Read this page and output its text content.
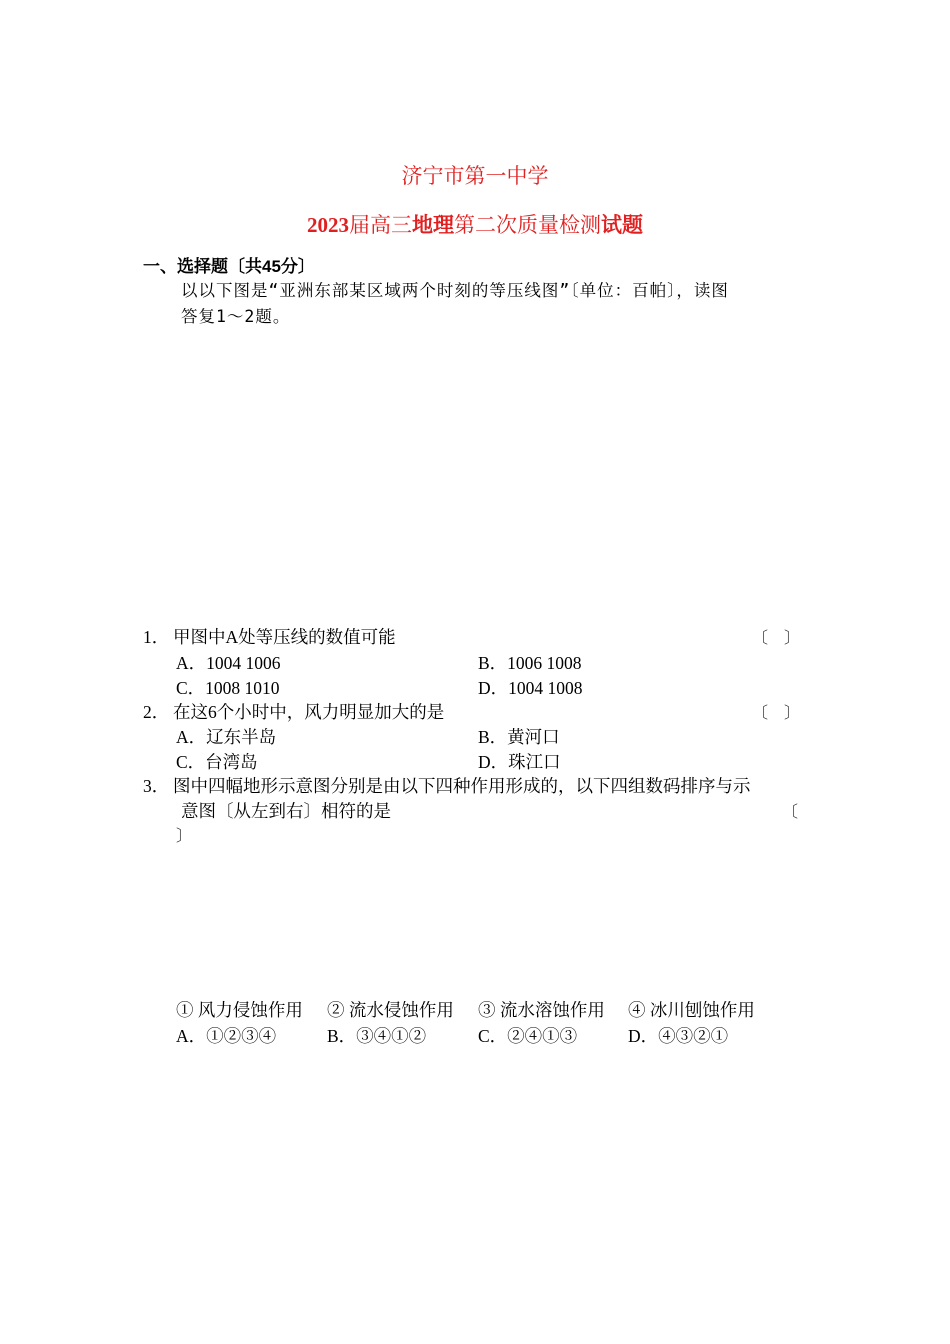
济宁市第一中学
2023届高三地理第二次质量检测试题
一、选择题〔共45分〕
以以下图是“亚洲东部某区域两个时刻的等压线图”〔单位：百帕〕，读图
答复1～2题。
1． 甲图中A处等压线的数值可能	〔　〕
A．1004 1006	B．1006 1008
C．1008 1010	D．1004 1008
2． 在这6个小时中，风力明显加大的是	〔　〕
A．辽东半岛	B．黄河口
C．台湾岛	D．珠江口
3． 图中四幅地形示意图分别是由以下四种作用形成的，以下四组数码排序与示
意图〔从左到右〕相符的是	〔
〕
① 风力侵蚀作用 ② 流水侵蚀作用 ③ 流水溶蚀作用 ④ 冰川刨蚀作用
A．①②③④	B．③④①②	C．②④①③	D．④③②①
